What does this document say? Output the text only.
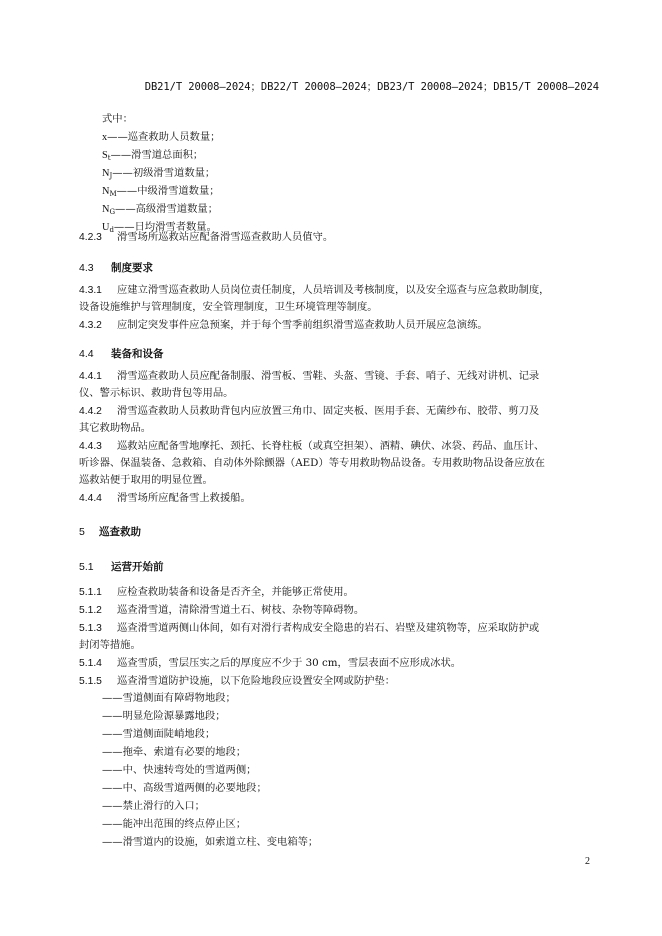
DB21/T 20008—2024；DB22/T 20008—2024；DB23/T 20008—2024；DB15/T 20008—2024
式中：
x——巡查救助人员数量；
$S_t——$滑雪道总面积；
$N_J——$初级滑雪道数量；
$N_M——$中级滑雪道数量；
$N_G——$高级滑雪道数量；
$U_d——$日均滑雪者数量。
4.2.3 滑雪场所巡救站应配备滑雪巡查救助人员值守。
4.3 制度要求
4.3.1 应建立滑雪巡查救助人员岗位责任制度，人员培训及考核制度，以及安全巡查与应急救助制度，
设备设施维护与管理制度，安全管理制度，卫生环境管理等制度。
4.3.2 应制定突发事件应急预案，并于每个雪季前组织滑雪巡查救助人员开展应急演练。
4.4 装备和设备
4.4.1 滑雪巡查救助人员应配备制服、滑雪板、雪鞋、头盔、雪镜、手套、哨子、无线对讲机、记录
仪、警示标识、救助背包等用品。
4.4.2 滑雪巡查救助人员救助背包内应放置三角巾、固定夹板、医用手套、无菌纱布、胶带、剪刀及
其它救助物品。
4.4.3 巡救站应配备雪地摩托、颈托、长脊柱板（或真空担架）、酒精、碘伏、冰袋、药品、血压计、
听诊器、保温装备、急救箱、自动体外除颤器（AED）等专用救助物品设备。专用救助物品设备应放在
巡救站便于取用的明显位置。
4.4.4 滑雪场所应配备雪上救援船。
5 巡查救助
5.1 运营开始前
5.1.1 应检查救助装备和设备是否齐全，并能够正常使用。
5.1.2 巡查滑雪道，清除滑雪道土石、树枝、杂物等障碍物。
5.1.3 巡查滑雪道两侧山体间，如有对滑行者构成安全隐患的岩石、岩壁及建筑物等，应采取防护或
封闭等措施。
5.1.4 巡查雪质，雪层压实之后的厚度应不少于 30 cm，雪层表面不应形成冰状。
5.1.5 巡查滑雪道防护设施，以下危险地段应设置安全网或防护垫：
——雪道侧面有障碍物地段；
——明显危险源暴露地段；
——雪道侧面陡峭地段；
——拖牵、索道有必要的地段；
——中、快速转弯处的雪道两侧；
——中、高级雪道两侧的必要地段；
——禁止滑行的入口；
——能冲出范围的终点停止区；
——滑雪道内的设施，如索道立柱、变电箱等；
2
